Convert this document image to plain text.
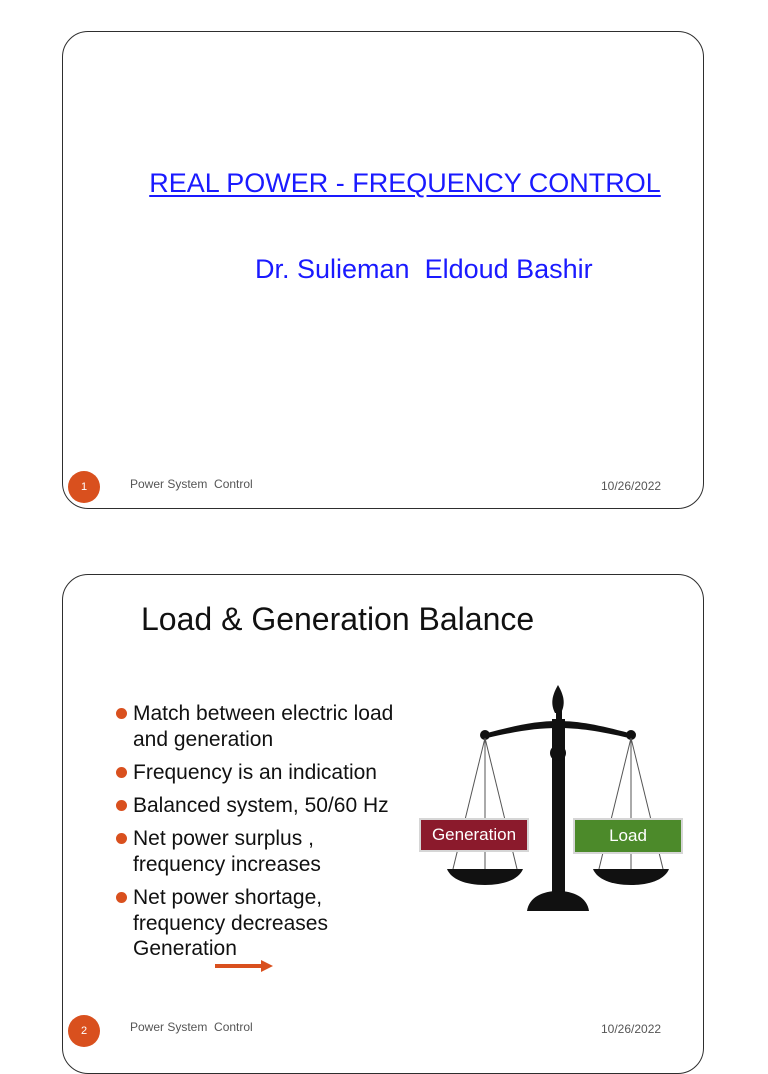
REAL POWER - FREQUENCY CONTROL
Dr. Sulieman  Eldoud Bashir
1	Power System  Control	10/26/2022
Load & Generation Balance
Match between electric load and generation
Frequency is an indication
Balanced system, 50/60 Hz
Net power surplus , frequency increases
Net power shortage, frequency decreases
Generation
Generation	Load
2	Power System  Control	10/26/2022
